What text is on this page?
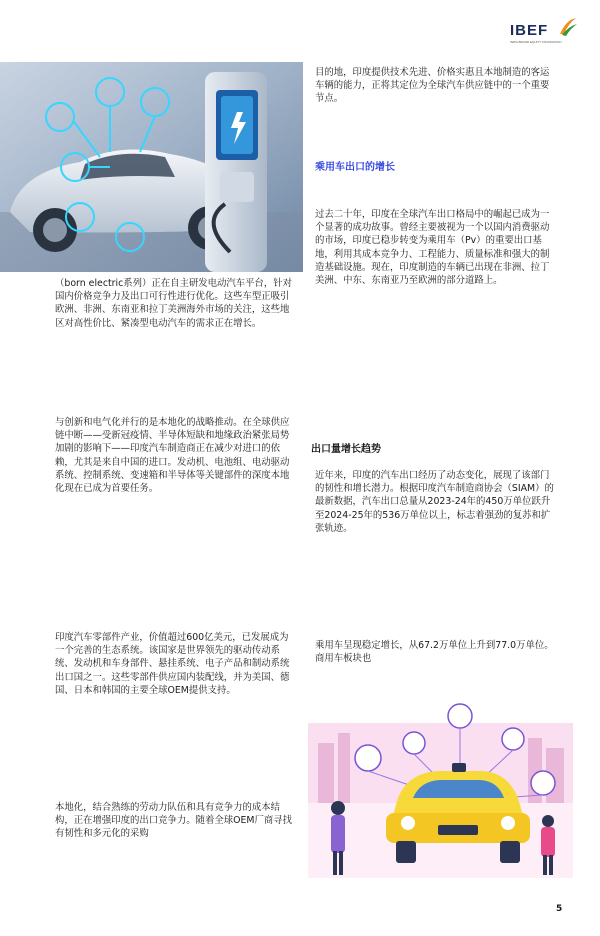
IBEF
INDIA BRAND EQUITY FOUNDATION

（born electric系列）正在自主研发电动汽车平台，针对国内价格竞争力及出口可行性进行优化。这些车型正吸引欧洲、非洲、东南亚和拉丁美洲海外市场的关注，这些地区对高性价比、紧凑型电动汽车的需求正在增长。

与创新和电气化并行的是本地化的战略推动。在全球供应链中断——受新冠疫情、半导体短缺和地缘政治紧张局势加剧的影响下——印度汽车制造商正在减少对进口的依赖，尤其是来自中国的进口。发动机、电池组、电动驱动系统、控制系统、变速箱和半导体等关键部件的深度本地化现在已成为首要任务。

印度汽车零部件产业，价值超过600亿美元，已发展成为一个完善的生态系统。该国家是世界领先的驱动传动系统、发动机和车身部件、悬挂系统、电子产品和制动系统出口国之一。这些零部件供应国内装配线，并为美国、德国、日本和韩国的主要全球OEM提供支持。

本地化，结合熟练的劳动力队伍和具有竞争力的成本结构，正在增强印度的出口竞争力。随着全球OEM厂商寻找有韧性和多元化的采购

目的地，印度提供技术先进、价格实惠且本地制造的客运车辆的能力，正将其定位为全球汽车供应链中的一个重要节点。

乘用车出口的增长

过去二十年，印度在全球汽车出口格局中的崛起已成为一个显著的成功故事。曾经主要被视为一个以国内消费驱动的市场，印度已稳步转变为乘用车（Pv）的重要出口基地，利用其成本竞争力、工程能力、质量标准和强大的制造基础设施。现在，印度制造的车辆已出现在非洲、拉丁美洲、中东、东南亚乃至欧洲的部分道路上。

出口量增长趋势

近年来，印度的汽车出口经历了动态变化，展现了该部门的韧性和增长潜力。根据印度汽车制造商协会（SIAM）的最新数据，汽车出口总量从2023-24年的450万单位跃升至2024-25年的536万单位以上，标志着强劲的复苏和扩张轨迹。

乘用车呈现稳定增长，从67.2万单位上升到77.0万单位。商用车板块也

5
